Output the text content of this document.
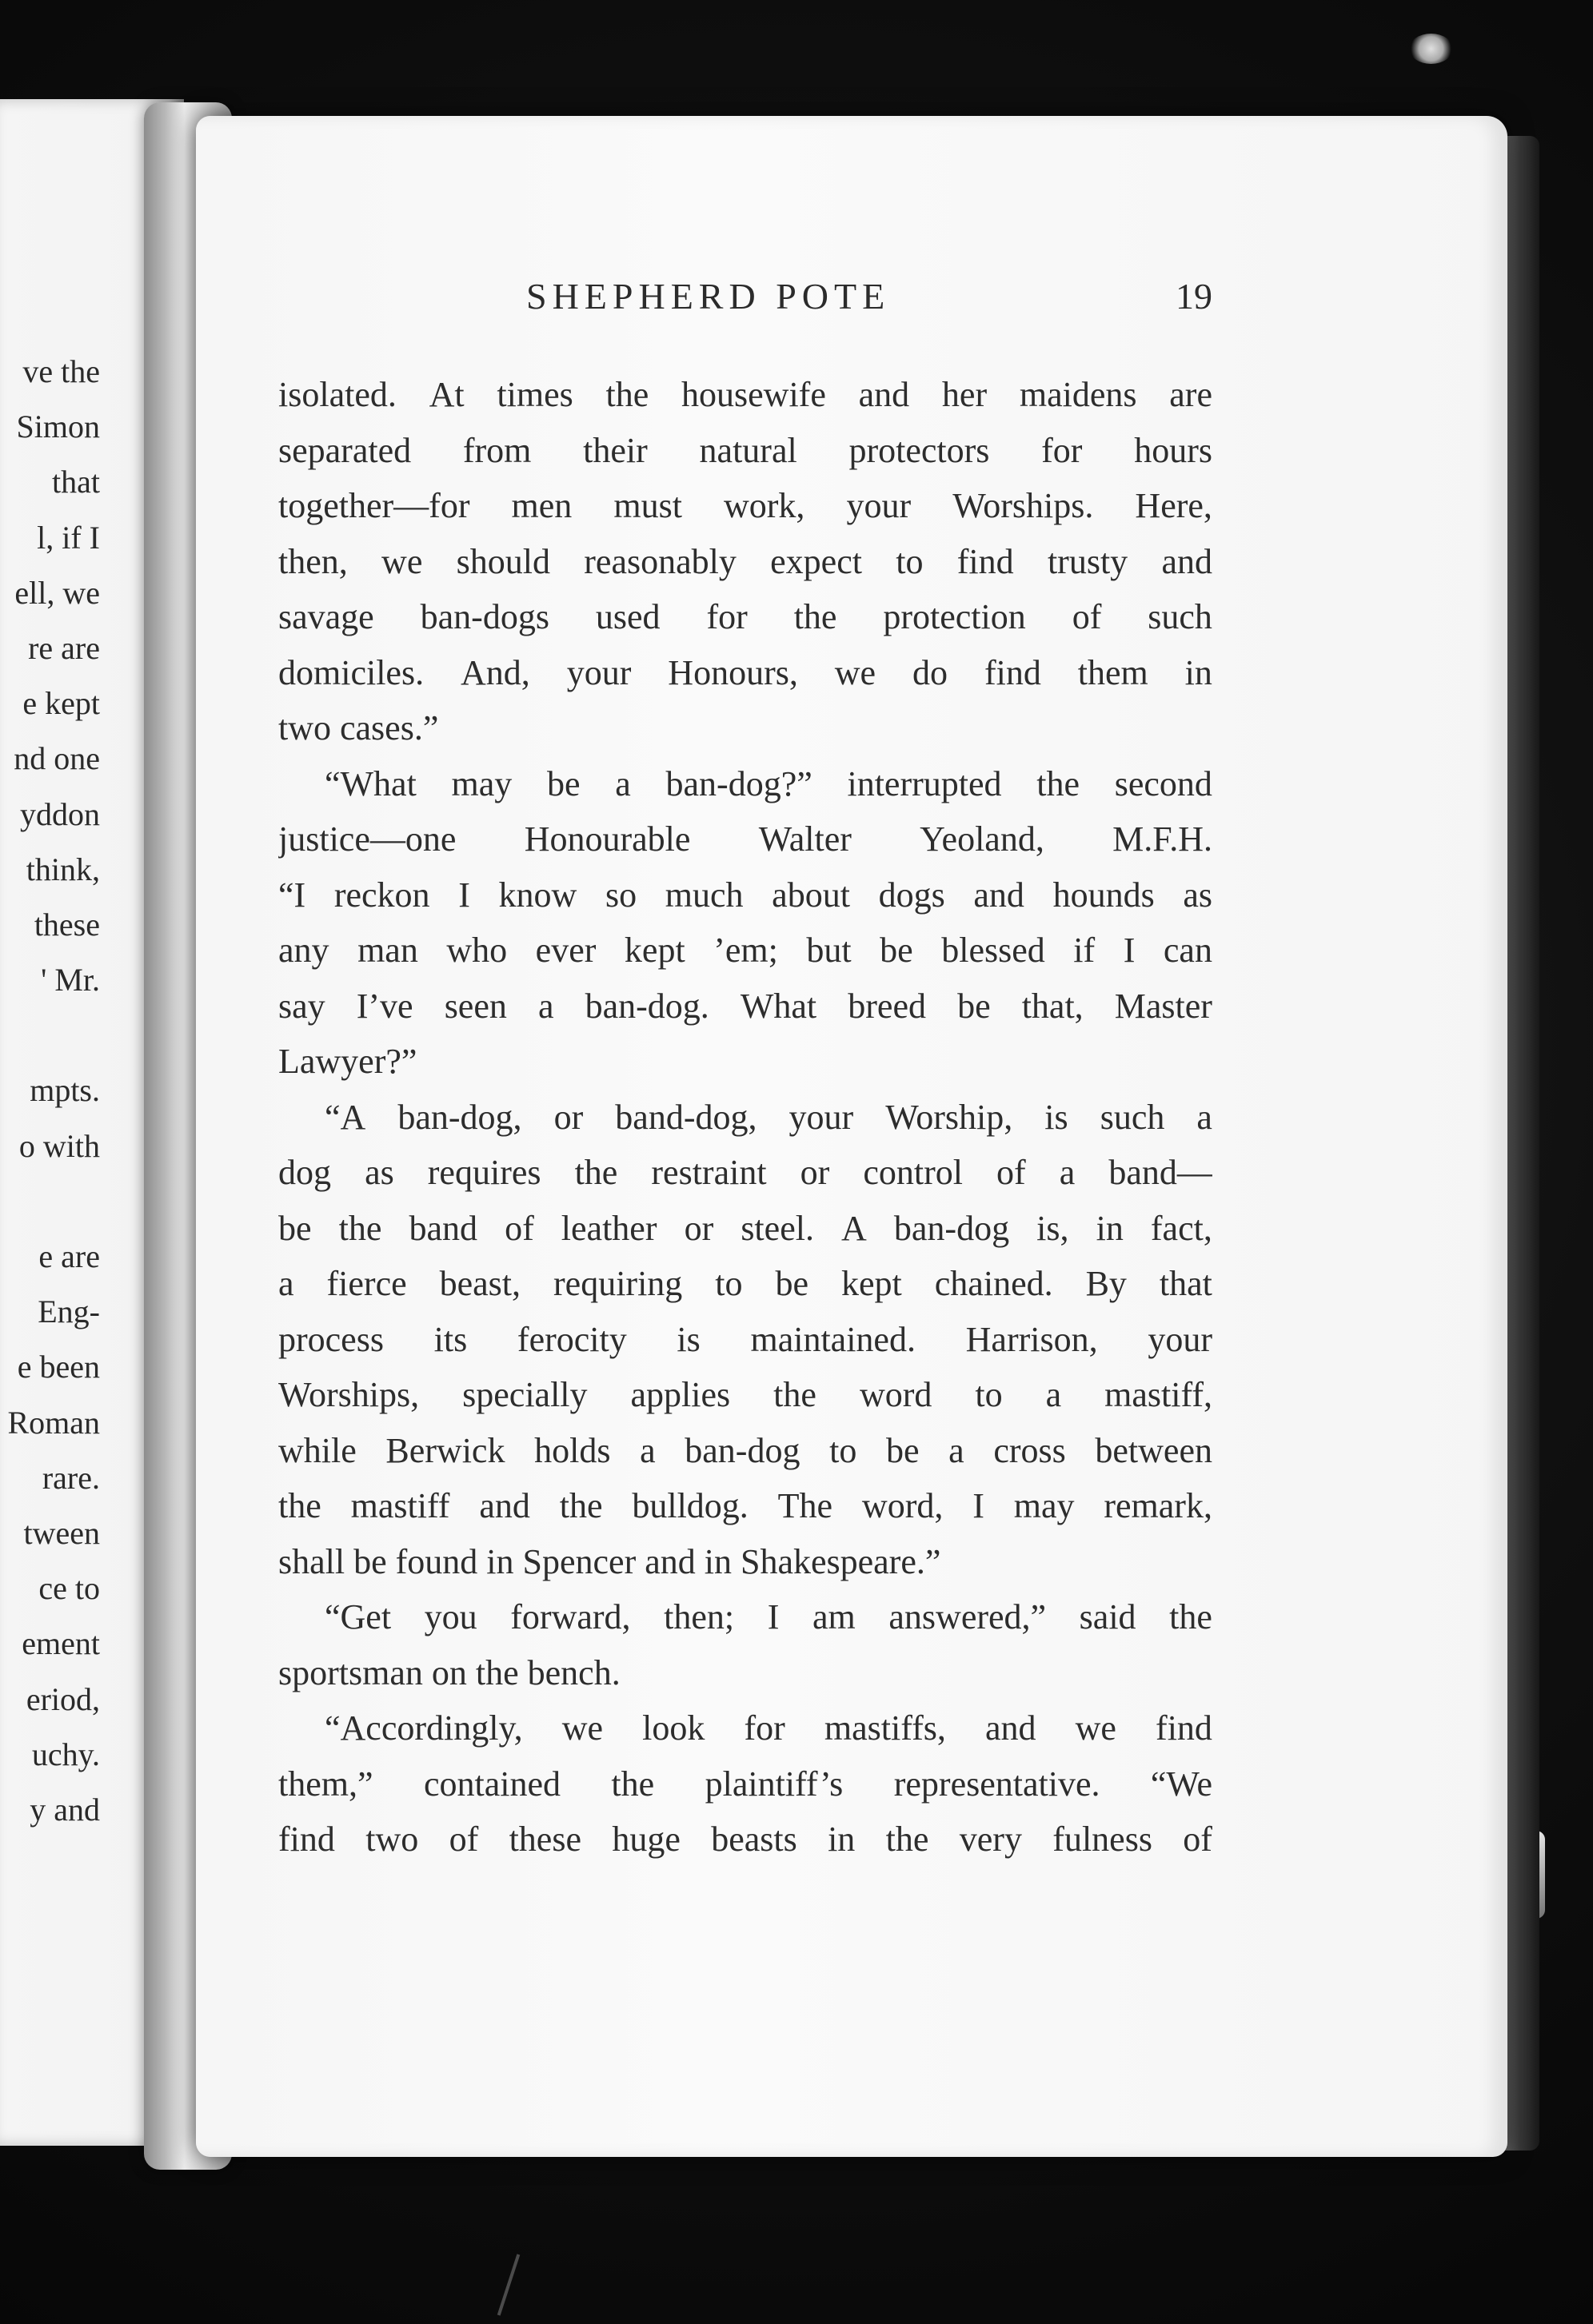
ve the
Simon
that
l, if I
ell, we
re are
e kept
nd one
yddon
think,
these
' Mr.
mpts.
o with
e are
Eng-
e been
Roman
rare.
tween
ce to
ement
eriod,
uchy.
y and
SHEPHERD POTE	19
isolated. At times the housewife and her maidens are
separated from their natural protectors for hours
together—for men must work, your Worships. Here,
then, we should reasonably expect to find trusty and
savage ban-dogs used for the protection of such
domiciles. And, your Honours, we do find them in
two cases.”
“What may be a ban-dog?” interrupted the second
justice—one Honourable Walter Yeoland, M.F.H.
“I reckon I know so much about dogs and hounds as
any man who ever kept ’em; but be blessed if I can
say I’ve seen a ban-dog. What breed be that, Master
Lawyer?”
“A ban-dog, or band-dog, your Worship, is such a
dog as requires the restraint or control of a band—
be the band of leather or steel. A ban-dog is, in fact,
a fierce beast, requiring to be kept chained. By that
process its ferocity is maintained. Harrison, your
Worships, specially applies the word to a mastiff,
while Berwick holds a ban-dog to be a cross between
the mastiff and the bulldog. The word, I may remark,
shall be found in Spencer and in Shakespeare.”
“Get you forward, then; I am answered,” said the
sportsman on the bench.
“Accordingly, we look for mastiffs, and we find
them,” contained the plaintiff’s representative. “We
find two of these huge beasts in the very fulness of
